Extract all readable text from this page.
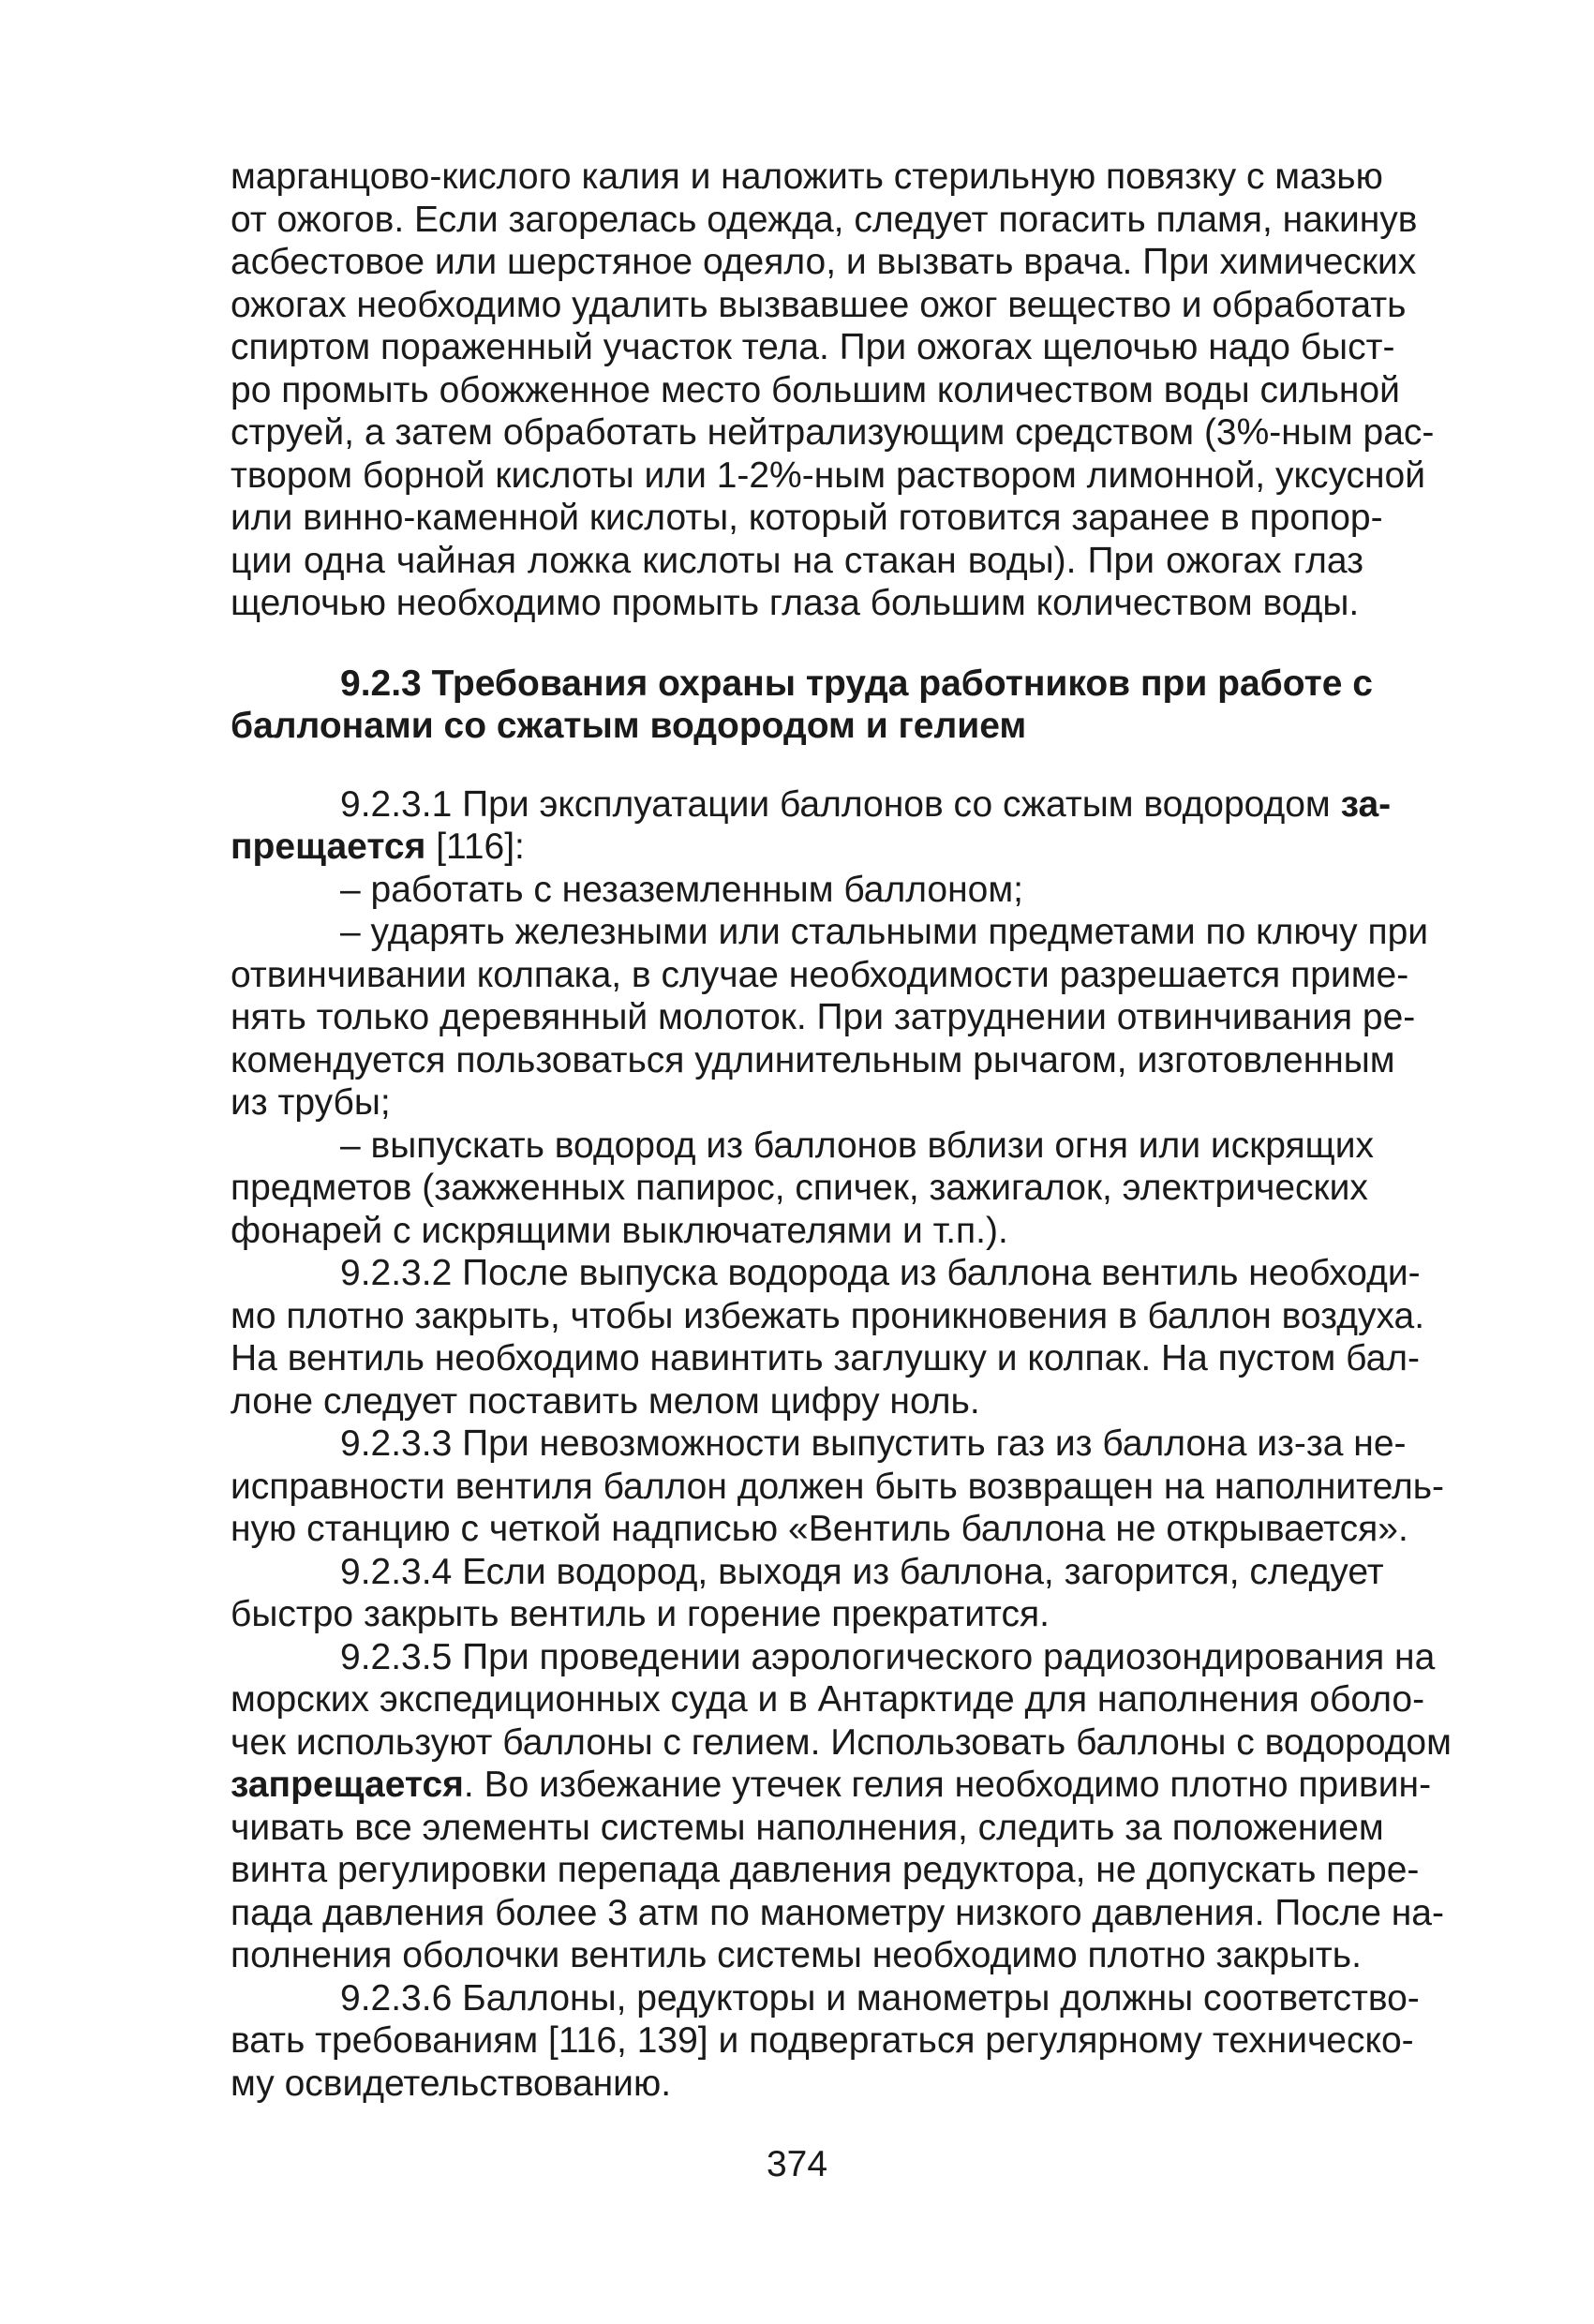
марганцово-кислого калия и наложить стерильную повязку с мазью
от ожогов. Если загорелась одежда, следует погасить пламя, накинув
асбестовое или шерстяное одеяло, и вызвать врача. При химических
ожогах необходимо удалить вызвавшее ожог вещество и обработать
спиртом пораженный участок тела. При ожогах щелочью надо быст-
ро промыть обожженное место большим количеством воды сильной
струей, а затем обработать нейтрализующим средством (3%-ным рас-
твором борной кислоты или 1-2%-ным раствором лимонной, уксусной
или винно-каменной кислоты, который готовится заранее в пропор-
ции одна чайная ложка кислоты на стакан воды). При ожогах глаз
щелочью необходимо промыть глаза большим количеством воды.
9.2.3 Требования охраны труда работников при работе с
баллонами со сжатым водородом и гелием
9.2.3.1 При эксплуатации баллонов со сжатым водородом за-
прещается [116]:
– работать с незаземленным баллоном;
– ударять железными или стальными предметами по ключу при
отвинчивании колпака, в случае необходимости разрешается приме-
нять только деревянный молоток. При затруднении отвинчивания ре-
комендуется пользоваться удлинительным рычагом, изготовленным
из трубы;
– выпускать водород из баллонов вблизи огня или искрящих
предметов (зажженных папирос, спичек, зажигалок, электрических
фонарей с искрящими выключателями и т.п.).
9.2.3.2 После выпуска водорода из баллона вентиль необходи-
мо плотно закрыть, чтобы избежать проникновения в баллон воздуха.
На вентиль необходимо навинтить заглушку и колпак. На пустом бал-
лоне следует поставить мелом цифру ноль.
9.2.3.3 При невозможности выпустить газ из баллона из-за не-
исправности вентиля баллон должен быть возвращен на наполнитель-
ную станцию с четкой надписью «Вентиль баллона не открывается».
9.2.3.4 Если водород, выходя из баллона, загорится, следует
быстро закрыть вентиль и горение прекратится.
9.2.3.5 При проведении аэрологического радиозондирования на
морских экспедиционных суда и в Антарктиде для наполнения оболо-
чек используют баллоны с гелием. Использовать баллоны с водородом
запрещается. Во избежание утечек гелия необходимо плотно привин-
чивать все элементы системы наполнения, следить за положением
винта регулировки перепада давления редуктора, не допускать пере-
пада давления более 3 атм по манометру низкого давления. После на-
полнения оболочки вентиль системы необходимо плотно закрыть.
9.2.3.6 Баллоны, редукторы и манометры должны соответство-
вать требованиям [116, 139] и подвергаться регулярному техническо-
му освидетельствованию.
374
